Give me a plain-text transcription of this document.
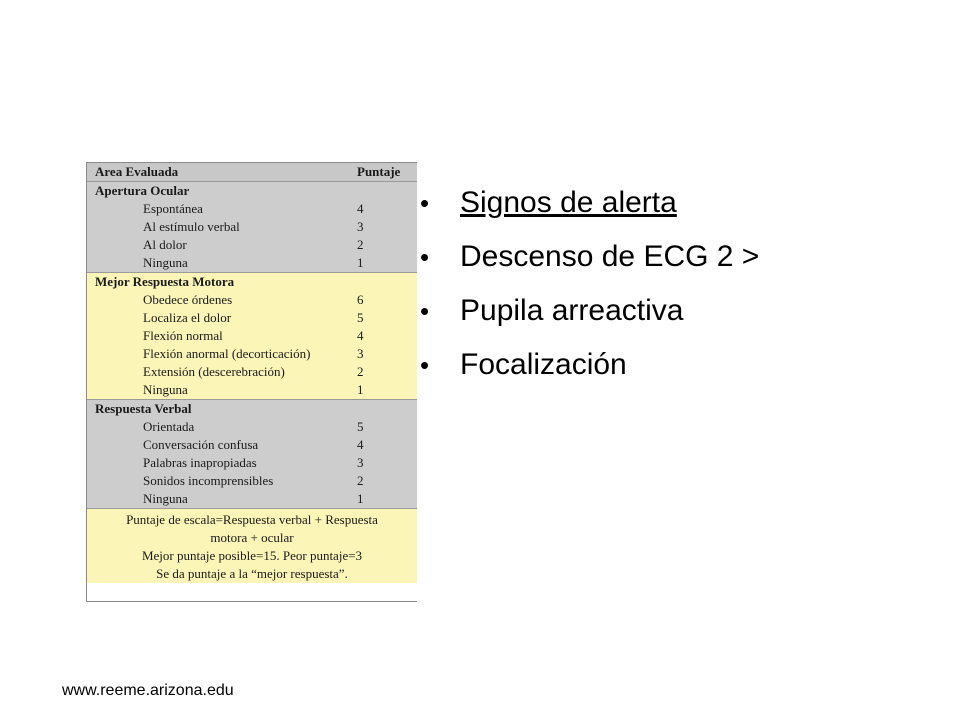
Area Evaluada	Puntaje
Apertura Ocular
Espontánea	4
Al estímulo verbal	3
Al dolor	2
Ninguna	1
Mejor Respuesta Motora
Obedece órdenes	6
Localiza el dolor	5
Flexión normal	4
Flexión anormal (decorticación)	3
Extensión (descerebración)	2
Ninguna	1
Respuesta Verbal
Orientada	5
Conversación confusa	4
Palabras inapropiadas	3
Sonidos incomprensibles	2
Ninguna	1
Puntaje de escala=Respuesta verbal + Respuesta
motora + ocular
Mejor puntaje posible=15. Peor puntaje=3
Se da puntaje a la “mejor respuesta”.
•	Signos de alerta
•	Descenso de ECG 2 >
•	Pupila arreactiva
•	Focalización
www.reeme.arizona.edu
